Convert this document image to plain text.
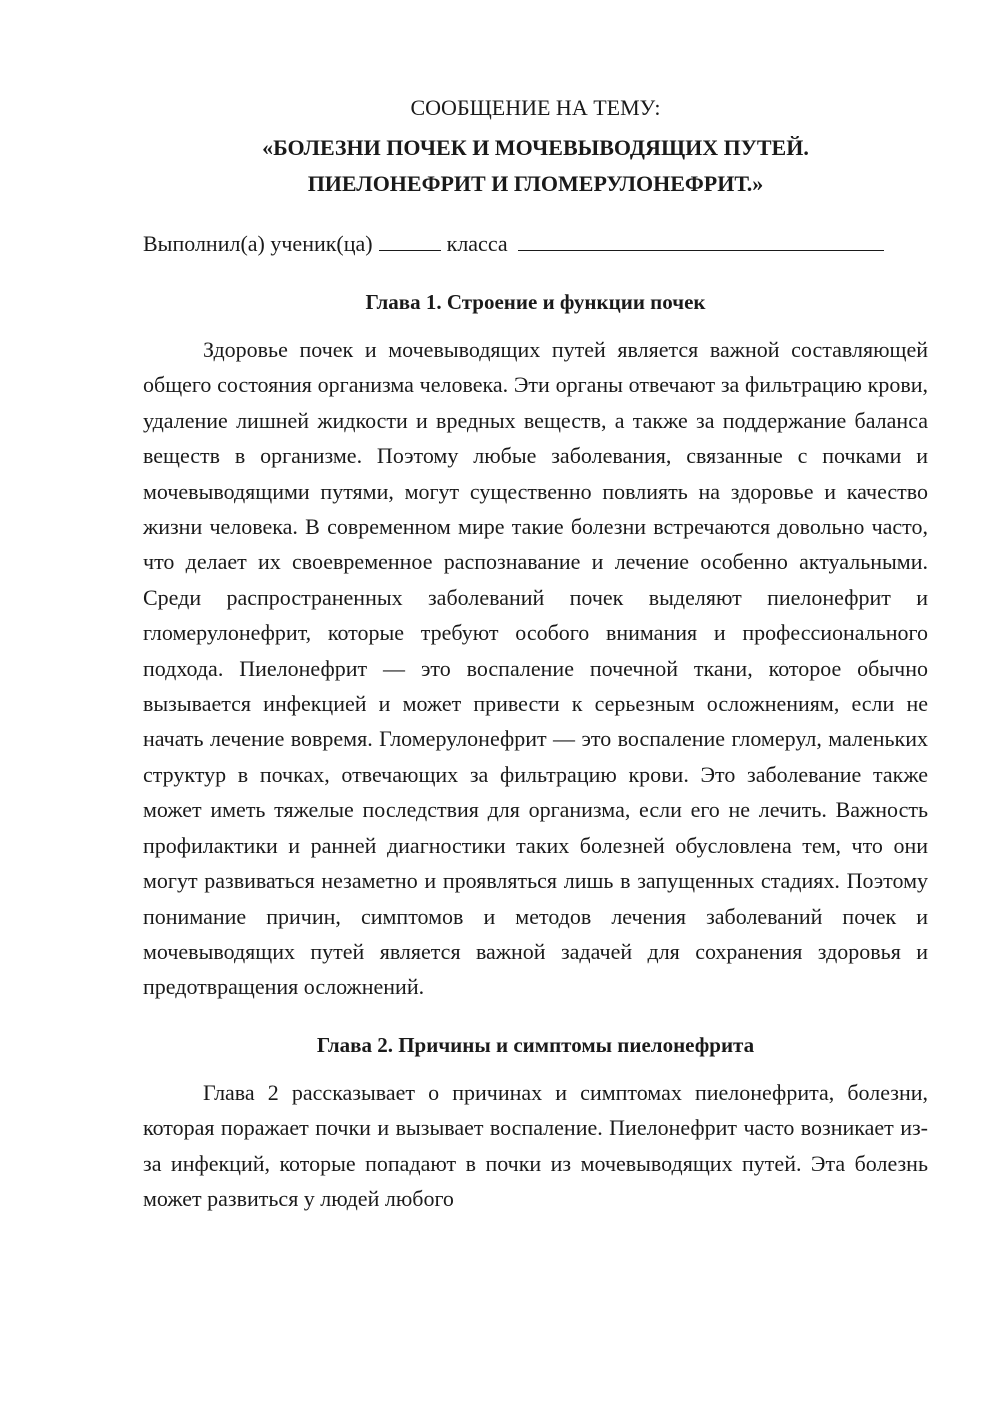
СООБЩЕНИЕ НА ТЕМУ:
«БОЛЕЗНИ ПОЧЕК И МОЧЕВЫВОДЯЩИХ ПУТЕЙ.
ПИЕЛОНЕФРИТ И ГЛОМЕРУЛОНЕФРИТ.»
Выполнил(а) ученик(ца)	класса
Глава 1. Строение и функции почек

Здоровье почек и мочевыводящих путей является важной составляющей общего состояния организма человека. Эти органы отвечают за фильтрацию крови, удаление лишней жидкости и вредных веществ, а также за поддержание баланса веществ в организме. Поэтому любые заболевания, связанные с почками и мочевыводящими путями, могут существенно повлиять на здоровье и качество жизни человека. В современном мире такие болезни встречаются довольно часто, что делает их своевременное распознавание и лечение особенно актуальными. Среди распространенных заболеваний почек выделяют пиелонефрит и гломерулонефрит, которые требуют особого внимания и профессионального подхода. Пиелонефрит — это воспаление почечной ткани, которое обычно вызывается инфекцией и может привести к серьезным осложнениям, если не начать лечение вовремя. Гломерулонефрит — это воспаление гломерул, маленьких структур в почках, отвечающих за фильтрацию крови. Это заболевание также может иметь тяжелые последствия для организма, если его не лечить. Важность профилактики и ранней диагностики таких болезней обусловлена тем, что они могут развиваться незаметно и проявляться лишь в запущенных стадиях. Поэтому понимание причин, симптомов и методов лечения заболеваний почек и мочевыводящих путей является важной задачей для сохранения здоровья и предотвращения осложнений.

Глава 2. Причины и симптомы пиелонефрита

Глава 2 рассказывает о причинах и симптомах пиелонефрита, болезни, которая поражает почки и вызывает воспаление. Пиелонефрит часто возникает из-за инфекций, которые попадают в почки из мочевыводящих путей. Эта болезнь может развиться у людей любого
